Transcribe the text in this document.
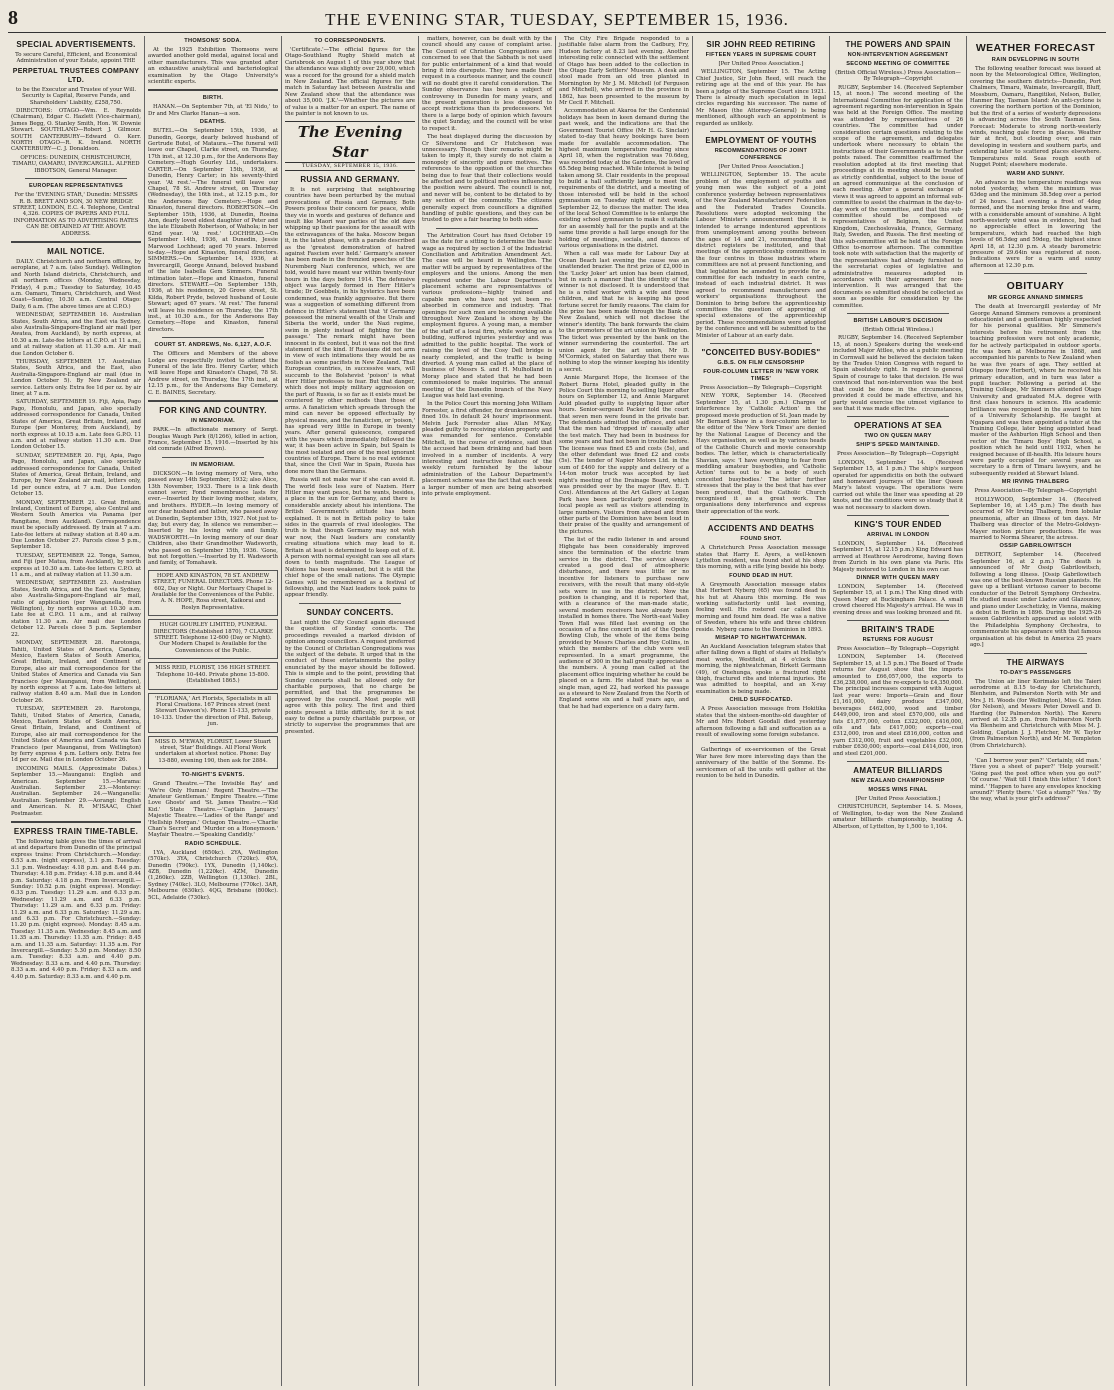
8	THE EVENING STAR, TUESDAY, SEPTEMBER 15, 1936.
SPECIAL ADVERTISEMENTS.

To secure Careful, Efficient, and Economical Administration of your Estate, appoint THE

PERPETUAL TRUSTEES COMPANY LTD.

to be the Executor and Trustee of your Will. Security is Capital, Reserve Funds, and Shareholders' Liability, £258,750.

DIRECTORS: OTAGO—Wm. E. Reynolds (Chairman), Edgar C. Hazlett (Vice-chairman), James Begg, O. Stanley Smith, Hon. W. Downie Stewart. SOUTHLAND—Robert J. Gilmour. SOUTH CANTERBURY—Edward O. Kerr. NORTH OTAGO—R. K. Ireland. NORTH CANTERBURY—C. J. Donaldson.

OFFICES: DUNEDIN, CHRISTCHURCH, TIMARU, OAMARU, INVERCARGILL. ALFRED IBBOTSON, General Manager.

EUROPEAN REPRESENTATIVES

For the 'EVENING STAR,' Dunedin: MESSRS R. B. BRETT AND SON, 30 NEW BRIDGE STREET, LONDON, E.C. 4. Telephone, Central 4,326. COPIES OF PAPERS AND FULL INFORMATION AS TO ADVERTISING RATES CAN BE OBTAINED AT THE ABOVE ADDRESS.

MAIL NOTICE.

DAILY. Christchurch and northern offices, by aeroplane, at 7 a.m. (also Sunday). Wellington and North Island districts, Christchurch, and all northern offices (Monday, Wednesday, Friday), 4 p.m.; Tuesday to Saturday, 10.45 a.m. Oamaru, Timaru, Christchurch, and West Coast—Sunday, 10.30 a.m. Central Otago: Daily, 6 a.m. (The above times are at C.P.O.)

WEDNESDAY, SEPTEMBER 16. Australian States, South Africa, and the East via Sydney, also Australia-Singapore-England air mail (per Awatea, from Auckland), by north express, at 10.30 a.m. Late-fee letters at C.P.O. at 11 a.m., and at railway station at 11.30 a.m. Air mail due London October 6.

THURSDAY, SEPTEMBER 17. Australian States, South Africa, and the East, also Australia-Singapore-England air mail (due in London October 5). By New Zealand air service. Letters only. Extra fee 1d per oz. by air liner, at 7 a.m.

SATURDAY, SEPTEMBER 19. Fiji, Apia, Pago Pago, Honolulu, and Japan, also specially addressed correspondence for Canada, United States of America, Great Britain, Ireland, and Europe (per Monterey, from Auckland), by north express at 10.15 a.m. Late fees G.P.O. 11 a.m. and at railway station 11.30 a.m. Due London October 15.

SUNDAY, SEPTEMBER 20. Fiji, Apia, Pago Pago, Honolulu, and Japan, also specially addressed correspondence for Canada, United States of America, Great Britain, Ireland, and Europe, by New Zealand air mail, letters only, 1d per ounce extra, at 7 a.m. Due London October 15.

MONDAY, SEPTEMBER 21. Great Britain, Ireland, Continent of Europe, also Central and Western South America via Panama (per Rangitane, from Auckland). Correspondence must be specially addressed. By train at 7 a.m. Late-fee letters at railway station at 8.40 a.m. Due London October 27. Parcels close 5 p.m., September 18.

TUESDAY, SEPTEMBER 22. Tonga, Samoa, and Fiji (per Matua, from Auckland), by north express at 10.30 a.m. Late-fee letters C.P.O. at 11 a.m., and at railway station at 11.30 a.m.

WEDNESDAY, SEPTEMBER 23. Australian States, South Africa, and the East via Sydney, also Australia-Singapore-England air mail, ratio of application (per Wanganella, from Wellington), by north express at 10.30 a.m. Late fee at C.P.O. 11 a.m., and at railway station 11.30 a.m. Air mail due London October 12. Parcels close 5 p.m. September 22.

MONDAY, SEPTEMBER 28. Rarotonga, Tahiti, United States of America, Canada, Mexico, Eastern States of South America, Great Britain, Ireland, and Continent of Europe, also air mail correspondence for the United States of America and Canada via San Francisco (per Maunganui, from Wellington), by north express at 7 a.m. Late-fee letters at railway station 8.40 a.m. Mail due in London October 26.

TUESDAY, SEPTEMBER 29. Rarotonga, Tahiti, United States of America, Canada, Mexico, Eastern States of South America, Great Britain, Ireland, and Continent of Europe, also air mail correspondence for the United States of America and Canada via San Francisco (per Maunganui, from Wellington) by ferry express 4 p.m. Letters only. Extra fee 1d per oz. Mail due in London October 26.

INCOMING MAILS. (Approximate Dates.) September 15.—Maunganui: English and American. September 15.—Marama: Australian. September 23.—Monterey: Australian. September 24.—Wanganella: Australian. September 29.—Aorangi: English and American. N. R. M'ISAAC, Chief Postmaster.

EXPRESS TRAIN TIME-TABLE.

The following table gives the times of arrival at and departure from Dunedin of the principal express trains: From Christchurch.—Monday: 6.53 a.m. (night express), 3.1 p.m. Tuesday: 3.1 p.m. Wednesday: 4.18 p.m. and 8.44 p.m. Thursday: 4.18 p.m. Friday: 4.18 p.m. and 8.44 p.m. Saturday: 4.18 p.m. From Invercargill.—Sunday: 10.52 p.m. (night express). Monday: 6.33 p.m. Tuesday: 11.29 a.m. and 6.33 p.m. Wednesday: 11.29 a.m. and 6.33 p.m. Thursday: 11.29 a.m. and 6.33 p.m. Friday: 11.29 a.m. and 6.33 p.m. Saturday: 11.29 a.m. and 6.33 p.m. For Christchurch.—Sunday: 11.20 p.m. (night express). Monday: 8.45 a.m. Tuesday: 11.35 a.m. Wednesday: 8.45 a.m. and 11.35 a.m. Thursday: 11.35 a.m. Friday: 8.45 a.m. and 11.35 a.m. Saturday: 11.35 a.m. For Invercargill.—Sunday: 5.30 p.m. Monday: 8.50 a.m. Tuesday: 8.33 a.m. and 4.40 p.m. Wednesday: 8.33 a.m. and 4.40 p.m. Thursday: 8.33 a.m. and 4.40 p.m. Friday: 8.33 a.m. and 4.40 p.m. Saturday: 8.33 a.m. and 4.40 p.m.

THOMSONS' SODA.

At the 1925 Exhibition Thomsons were awarded another gold medal, against local and other manufacturers. This was granted after an exhaustive analytical and bacteriological examination by the Otago University's scientific experts.

BIRTH.

HANAN.—On September 7th, at 'El Nido,' to Dr and Mrs Clarke Hanan—a son.

DEATHS.

BUTEL.—On September 15th, 1936, at Dunedin, George, dearly beloved husband of Gertrude Butel, of Mataura.—The funeral will leave our Chapel, Clarke street, on Thursday, 17th inst., at 12.30 p.m., for the Andersons Bay Cemetery.—Hugh Gourley Ltd., undertakers. CARTER.—On September 15th, 1936, at Dunedin, Henry Carter; in his seventy-third year. 'At rest.'—The funeral will leave our Chapel, 78 St. Andrew street, on Thursday (Wednesday), the 16th inst., at 12.15 p.m., for the Andersons Bay Cemetery.—Hope and Kinaston, funeral directors. ROBERTSON.—On September 15th, 1936, at Dunedin, Rosina Ann, dearly loved eldest daughter of Peter and the late Elizabeth Robertson, of Waihola; in her 62nd year. 'At rest.' LOCHHEAD.—On September 14th, 1936, at Dunedin, Jessie Marwood Lochhead; aged 70 years. Interred to-day.—Hope and Kinaston, funeral directors. SIMMERS.—On September 14, 1936, at Invercargill, George Annand, beloved husband of the late Isabella Gem Simmers. Funeral intimation later.—Hope and Kinaston, funeral directors. STEWART.—On September 15th, 1936, at his residence, 20 Grove street, St. Kilda, Robert Pryde, beloved husband of Louie Stewart; aged 67 years. 'At rest.' The funeral will leave his residence on Thursday, the 17th inst., at 10.30 a.m., for the Andersons Bay Cemetery.—Hope and Kinaston, funeral directors.

COURT ST. ANDREWS, No. 6,127, A.O.F.

The Officers and Members of the above Lodge are respectfully invited to attend the Funeral of the late Bro. Henry Carter, which will leave Hope and Kinaston's Chapel, 78 St. Andrew street, on Thursday, the 17th inst., at 12.15 p.m., for the Andersons Bay Cemetery. C. E. BAINES, Secretary.

FOR KING AND COUNTRY.
IN MEMORIAM.

PARK.—In affectionate memory of Sergt. Douglas Waugh Park (8/1266), killed in action, France, September 15, 1916.—Inserted by his old comrade (Alfred Brown).

IN MEMORIAM.

DICKSON.—In loving memory of Vera, who passed away 14th September, 1932; also Alice, 13th November, 1933. There is a link death cannot sever; Fond remembrance lasts for ever.—Inserted by their loving mother, sisters, and brothers. RYDER.—In loving memory of our dear husband and father, who passed away at Dunedin, September 15th, 1927. Not just to-day, but every day, In silence we remember.—Inserted by his loving wife and family. WADSWORTH.—In loving memory of our dear Children, also their Grandmother Wadsworth, who passed on September 15th, 1936. 'Gone, but not forgotten.'—Inserted by H. Wadsworth and family, of Tomahawk.

HOPE AND KINASTON, 78 ST. ANDREW STREET, FUNERAL DIRECTORS. Phone 12-602, Day or Night. Our Mortuary Chapel is Available for the Conveniences of the Public. A. N. HOPE, Rosa street, Kaikorai and Roslyn Representative.

HUGH GOURLEY LIMITED, FUNERAL DIRECTORS (Established 1870), 7 CLARKE STREET. Telephone 12-600 (Day or Night). Our Modern Chapel is Available for the Conveniences of the Public.

MISS REID, FLORIST, 156 HIGH STREET. Telephone 10-440. Private phone 15-800. (Established 1865.)

'FLORIANA,' Art Florists, Specialists in all Floral Creations. 167 Princes street (next Stewart Dawson's). Phone 11-133, private 10-133. Under the direction of Phil. Bateup, jun.

MISS D. M'EWAN, FLORIST, Lower Stuart street, 'Star' Buildings. All Floral Work undertaken at shortest notice. Phone: Day 13-880, evening 190, then ask for 2884.

TO-NIGHT'S EVENTS.

Grand Theatre.—'The Invisible Ray' and 'We're Only Human.' Regent Theatre.—'The Amateur Gentleman.' Empire Theatre.—'Time Love Ghosts' and 'St. James Theatre.—'Kid Kid.' State Theatre.—'Captain January.' Majestic Theatre.—'Ladies of the Range' and 'Hellship Morgan.' Octagon Theatre.—'Charlie Chan's Secret' and 'Murder on a Honeymoon.' Mayfair Theatre.—'Speaking Candidly.'

RADIO SCHEDULE.

1YA, Auckland (650kc). 2YA, Wellington (570kc). 3YA, Christchurch (720kc). 4YA, Dunedin (790kc). 1YX, Dunedin (1,140kc). 4ZB, Dunedin (1,220kc). 4ZM, Dunedin (1,260kc). 2ZB, Wellington (1,130kc). 2BL, Sydney (740kc). 3LO, Melbourne (770kc). 3AR, Melbourne (630kc). 4QG, Brisbane (800kc). 5CL, Adelaide (730kc).

TO CORRESPONDENTS.

'Certificate.'—The official figures for the Otago-Southland Rugby Shield match at Carisbrook on August 1 of this year show that the attendance was slightly over 29,000, which was a record for the ground for a shield match in New Zealand. The official figures for the match in Saturday last between Australia and New Zealand show that the attendance was about 35,000. 'J.K.'—Whether the pictures are of value is a matter for an expert. The name of the painter is not known to us.

The Evening Star
TUESDAY, SEPTEMBER 15, 1936.
RUSSIA AND GERMANY.

It is not surprising that neighbouring countries have been perturbed by the mutual provocations of Russia and Germany. Both Powers profess their concern for peace, while they vie in words and gestures of defiance and insult like Maori war parties of the old days whipping up their passions for the assault with the extravagances of the haka. Moscow began it, in the latest phase, with a parade described as the 'greatest demonstration of hatred against Fascism ever held.' Germany's answer has been made in the frenzied speeches of the Nuremberg Nazi conference, which, we are told, would have meant war within twenty-four hours in the days before 1914. The defensive object was largely formed in Herr Hitler's tirade; Dr Goebbels, in his hysterics have been condemned, was frankly aggressive. But there was a suggestion of something different from defence in Hitler's statement that 'if Germany possessed the mineral wealth of the Urals and Siberia the world, under the Nazi regime, swim in plenty instead of fighting for the passage.' The remark might have been innocent in its context, but it was not the first statement of the kind. If Russians did not arm in view of such intimations they would be as foolish as some pacifists in New Zealand. That European countries, in successive wars, will succumb to the Bolshevist 'poison' is what Herr Hitler professes to fear. But that danger, which does not imply military aggression on the part of Russia, is so far as it exists must be countered by other methods than those of arms. A fanaticism which spreads through the mind can never be opposed effectually by physical means, and the fanaticism, or 'poison,' has spread very little in Europe in twenty years. After general quiescence, compared with the years which immediately followed the war, it has been active in Spain, but Spain is the most isolated and one of the most ignorant countries of Europe. There is no real evidence that, since the Civil War in Spain, Russia has done more than the Germans.

Russia will not make war if she can avoid it. The world feels less sure of Nazism. Herr Hitler may want peace, but he wants, besides, a place in the sun for Germany, and there is considerable anxiety about his intentions. The British Government's attitude has been explained. It is not in British policy to take sides in the quarrels of rival ideologies. The truth is that though Germany may not wish war now, the Nazi leaders are constantly creating situations which may lead to it. Britain at least is determined to keep out of it. A person with normal eyesight can see all stars down to tenth magnitude. The League of Nations has been weakened, but it is still the chief hope of the small nations. The Olympic Games will be remembered as a festival of fellowship, and the Nazi leaders took pains to appear friendly.

SUNDAY CONCERTS.

Last night the City Council again discussed the question of Sunday concerts. The proceedings revealed a marked division of opinion among councillors. A request preferred by the Council of Christian Congregations was the subject of the debate. It urged that in the conduct of these entertainments the policy enunciated by the mayor should be followed. This is simple and to the point, providing that Sunday concerts shall be allowed only for charitable purposes, that no charge be permitted, and that the programmes be approved by the council. Most people will agree with this policy. The first and third points present a little difficulty, for it is not easy to define a purely charitable purpose, or strictly to supervise the programmes that are presented.

matters, however, can be dealt with by the council should any cause of complaint arise. The Council of Christian Congregations are concerned to see that the Sabbath is not used for public entertainment of a kind that would bring it into disrepute. They have made their request in a courteous manner, and the council will no doubt give it careful consideration. The Sunday observance has been a subject of controversy in Dunedin for many years, and the present generation is less disposed to accept restrictions than its predecessors. Yet there is a large body of opinion which favours the quiet Sunday, and the council will be wise to respect it.

The heat displayed during the discussion by Cr Silverstone and Cr Hutcheson was unnecessary. Though their remarks might be taken to imply it, they surely do not claim a monopoly of sincerity and pure motives. The references to the opposition of the churches being due to fear that their collections would be affected and to political motives influencing the position were absurd. The council is not, and never will be, content to be dictated to by any section of the community. The citizens generally expect from councillors a dignified handling of public questions, and they can be trusted to give a fair hearing to both sides.

The Arbitration Court has fixed October 19 as the date for a sitting to determine the basic wage as required by section 3 of the Industrial Conciliation and Arbitration Amendment Act. The case will be heard in Wellington. The matter will be argued by representatives of the employers and the unions. Among the men registered under the Labour Department's placement scheme are representatives of various professions—highly trained and capable men who have not yet been re-absorbed in commerce and industry. That openings for such men are becoming available throughout New Zealand is shown by the employment figures. A young man, a member of the staff of a local firm, while working on a building, suffered injuries yesterday and was admitted to the public hospital. The work of raising the level of the Cosy Dell bridge is nearly completed, and the traffic is being diverted. A young man called at the place of business of Messrs S. and H. Mulholland in Moray place and stated that he had been commissioned to make inquiries. The annual meeting of the Dunedin branch of the Navy League was held last evening.

In the Police Court this morning John William Forrester, a first offender, for drunkenness was fined 10s. In default 24 hours' imprisonment. Melvin Jack Forrester alias Allan M'Kay, pleaded guilty to receiving stolen property and was remanded for sentence. Constable Mitchell, in the course of evidence, said that the accused had been drinking and had been involved in a number of incidents. A very interesting and instructive feature of the weekly return furnished by the labour administration of the Labour Department's placement scheme was the fact that each week a larger number of men are being absorbed into private employment.

The City Fire Brigade responded to a justifiable false alarm from the Cadbury, Fry, Hudson factory at 8.23 last evening. Another interesting relic connected with the settlement of Otago has been added to the collection in the Otago Early Settlers' Museum. A desk and stool made from an old tree planted in Mornington by Mr J. M. Mitchell (of Ferguson and Mitchell), who arrived in the province in 1862, has been presented to the museum by Mr Cecil F. Mitchell.

Accommodation at Akaroa for the Centennial holidays has been in keen demand during the past week, and the indications are that the Government Tourist Office (Mr H. G. Sinclair) stated to-day that heavy bookings have been made for available accommodation. The highest maximum temperature reading since April 18, when the registration was 70.6deg, was recorded today at the Gardens, the level of 65.5deg being reached. While interest is being taken among St. Clair residents in the proposal to build a hall sufficiently large to meet the requirements of the district, and a meeting of those interested will be held in the school gymnasium on Tuesday night of next week, September 22, to discuss the matter. The idea of the local School Committee is to enlarge the existing school gymnasium to make it suitable for an assembly hall for the pupils and at the same time provide a hall large enough for the holding of meetings, socials, and dances of various organisations in the district.

When a call was made for Labour Day at Ocean Beach last evening the cause was an unattended brazier. The first prize of £2,000 in the 'Lucky Joker' art union has been claimed, but in such a manner that the identity of the winner is not disclosed. It is understood that he is a relief worker with a wife and three children, and that he is keeping his good fortune secret for family reasons. The claim for the prize has been made through the Bank of New Zealand, which will not disclose the winner's identity. The bank forwards the claim to the promoters of the art union in Wellington. The ticket was presented by the bank on the winner surrendering the counterfoil. The art union agent for the art union, Mr D. M'Cormick, stated on Saturday that there was nothing to stop the winner keeping his identity a secret.

Annie Margaret Hope, the licensee of the Robert Burns Hotel, pleaded guilty in the Police Court this morning to selling liquor after hours on September 12, and Annie Margaret Auld pleaded guilty to supplying liquor after hours. Senior-sergeant Packer told the court that seven men were found in the private bar. The defendants admitted the offence, and said that the men had 'dropped in' casually after the test match. They had been in business for some years and had not been in trouble before. The licensee was fined £5 and costs (5s), and the other defendant was fined £2 and costs (5s). The tender of Napier Motors Ltd. in the sum of £460 for the supply and delivery of a 14-ton motor truck was accepted by last night's meeting of the Drainage Board, which was presided over by the mayor (Rev. E. T. Cox). Attendances at the Art Gallery at Logan Park have been particularly good recently, local people as well as visitors attending in large numbers. Visitors from abroad and from other parts of the Dominion have been loud in their praise of the quality and arrangement of the pictures.

The list of the radio listener in and around Highgate has been considerably improved since the termination of the electric tram service in the district. The service always created a good deal of atmospheric disturbance, and there was little or no incentive for listeners to purchase new receivers, with the result that many old-style sets were in use in the district. Now the position is changing, and it is reported that, with a clearance of the man-made static, several modern receivers have already been installed in homes there. The North-east Valley Town Hall was filled last evening on the occasion of a fine concert in aid of the Opoho Bowling Club, the whole of the items being provided by Messrs Charles and Roy Collins, in which the members of the club were well represented. In a smart programme, the audience of 300 in the hall greatly appreciated the numbers. A young man called at the placement office inquiring whether he could be placed on a farm. He stated that he was a single man, aged 22, had worked his passage as a steward to New Zealand from the North of England some six and a half years ago, and that he had had experience on a dairy farm.

SIR JOHN REED RETIRING
FIFTEEN YEARS IN SUPREME COURT

[Per United Press Association.]

WELLINGTON, September 15. The Acting Chief Justice, Sir John Reed, will reach the retiring age at the end of this year. He has been a judge of the Supreme Court since 1921. There is already much speculation in legal circles regarding his successor. The name of Mr Mason (the Attorney-General) is being mentioned, although such an appointment is regarded as unlikely.

EMPLOYMENT OF YOUTHS
RECOMMENDATIONS OF JOINT CONFERENCE

[Per United Press Association.]

WELLINGTON, September 15. The acute problem of the employment of youths and young men was the subject of a joint conference yesterday between representatives of the New Zealand Manufacturers' Federation and the Federated Trades Councils. Resolutions were adopted welcoming the Labour Minister's announcement that it is intended to arrange indentured apprentices from unemployment among youths between the ages of 14 and 21, recommending that district registers be instituted, and that meetings of the apprenticeship committees in the four centres in those industries where committees are not at present functioning, and that legislation be amended to provide for a committee for each industry in each centre, instead of each industrial district. It was agreed to recommend manufacturers and workers' organisations throughout the Dominion to bring before the apprenticeship committees the question of approving of special extensions of the apprenticeship period. These recommendations were adopted by the conference and will be submitted to the Minister of Labour at an early date.

"CONCEITED BUSY-BODIES"
G.B.S. ON FILM CENSORSHIP
FOUR-COLUMN LETTER IN 'NEW YORK TIMES'

Press Association—By Telegraph—Copyright

NEW YORK, September 14. (Received September 15, at 1.30 p.m.) Charges of interference by 'Catholic Action' in the proposed movie production of St. Joan made by Mr Bernard Shaw in a four-column letter to the editor of the 'New York Times' are denied by the National League of Decency and the Hays organisation, as well as by various heads of the Catholic Church and movie censorship bodies. The letter, which is characteristically Shavian, says: 'I have everything to fear from meddling amateur busybodies, and 'Catholic Action' turns out to be a body of such conceited busybodies.' The letter further stresses that the play is the best that has ever been produced, that the Catholic Church recognised it as a great work. The organisations deny interference and express their appreciation of the work.

ACCIDENTS AND DEATHS
FOUND SHOT.

A Christchurch Press Association message states that Harry E. Ayers, a well-known Lyttelton resident, was found shot at his shop this morning, with a rifle lying beside his body.

FOUND DEAD IN HUT.

A Greymouth Association message states that Herbert Nyberg (65) was found dead in his hut at Ahaura this morning. He was working satisfactorily until last evening, feeling well. His rostered car called this morning and found him dead. He was a native of Sweden, where his wife and three children reside. Nyberg came to the Dominion in 1893.

MISHAP TO NIGHTWATCHMAN.

An Auckland Association telegram states that after falling down a flight of stairs at Hellaby's meat works, Westfield, at 4 o'clock this morning, the nightwatchman, Birkett Germann (49), of Onehunga, spoke a fractured right thigh, fractured ribs and internal injuries. He was admitted to hospital, and an X-ray examination is being made.

CHILD SUFFOCATED.

A Press Association message from Hokitika states that the sixteen-months-old daughter of Mr and Mrs Robert Goodall died yesterday afternoon following a fall and suffocation as a result of swallowing some foreign substance.

Gatherings of ex-servicemen of the Great War have few more interesting days than the anniversary of the battle of the Somme. Ex-servicemen of all the units will gather at the reunion to be held in Dunedin.

THE POWERS AND SPAIN
NON-INTERVENTION AGREEMENT
SECOND MEETING OF COMMITTEE

(British Official Wireless.) Press Association—By Telegraph—Copyright

RUGBY, September 14. (Received September 15, at noon.) The second meeting of the International Committee for application of the agreement regarding non-intervention in Spain was held at the Foreign Office. The meeting was attended by representatives of 26 countries. The committee had under consideration certain questions relating to the scope of the agreement, and delegates undertook where necessary to obtain the instructions of their Governments as to further points raised. The committee reaffirmed the resolution adopted at its first meeting that proceedings at its meeting should be treated as strictly confidential, subject to the issue of an agreed communique at the conclusion of each meeting. After a general exchange of views it was agreed to appoint an informal sub-committee to assist the chairman in the day-to-day work of the committee, and that this sub-committee should be composed of representatives of Belgium, the United Kingdom, Czechoslovakia, France, Germany, Italy, Sweden, and Russia. The first meeting of this sub-committee will be held at the Foreign Office to-morrow afternoon. The committee took note with satisfaction that the majority of the representatives had already furnished to the secretariat copies of legislative and administrative measures adopted in accordance with their agreement for non-intervention. It was arranged that the documents so submitted should be collected as soon as possible for consideration by the committee.

BRITISH LABOUR'S DECISION

(British Official Wireless.)

RUGBY, September 14. (Received September 15, at noon.) Speakers during the week-end included Major Attlee, who at a public meeting in Cornwall said he believed the decision taken by the Trades Union Congress with regard to Spain absolutely right. In regard to general Spain of courage to take that decision. He was convinced that non-intervention was the best that could be done in the circumstances, provided it could be made effective, and his party would exercise the utmost vigilance to see that it was made effective.

OPERATIONS AT SEA
TWO ON QUEEN MARY
SHIP'S SPEED MAINTAINED.

Press Association—By Telegraph—Copyright

LONDON, September 14. (Received September 15, at 1 p.m.) The ship's surgeon operated for appendicitis on both the outward and homeward journeys of the liner Queen Mary's latest voyage. The operations were carried out while the liner was speeding at 29 knots, and the conditions were so steady that it was not necessary to slacken down.

KING'S TOUR ENDED
ARRIVAL IN LONDON

LONDON, September 14. (Received September 15, at 12.15 p.m.) King Edward has arrived at Heathrow Aerodrome, having flown from Zurich in his own plane via Paris. His Majesty motored to London in his own car.

DINNER WITH QUEEN MARY

LONDON, September 14. (Received September 15, at 1 p.m.) The King dined with Queen Mary at Buckingham Palace. A small crowd cheered His Majesty's arrival. He was in evening dress and was looking bronzed and fit.

BRITAIN'S TRADE
RETURNS FOR AUGUST

Press Association—By Telegraph—Copyright

LONDON, September 14. (Received September 15, at 1.5 p.m.) The Board of Trade returns for August show that the imports amounted to £66,057,000, the exports to £36,238,000, and the re-exports to £4,350,000. The principal increases compared with August last year were: Imports—Grain and flour £1,161,000, dairy produce £347,000, beverages £462,000, wood and timber £449,000, iron and steel £570,000, oils and fats £1,877,000, cotton £322,000, £416,000, oils and fats £417,000; exports—coal £312,000, iron and steel £816,000, cotton and yarn £312,000, fruit and vegetables £32,000, rubber £630,000; exports—coal £414,000, iron and steel £201,000.

AMATEUR BILLIARDS
NEW ZEALAND CHAMPIONSHIP
MOSES WINS FINAL

[Per United Press Association.]

CHRISTCHURCH, September 14. S. Moses, of Wellington, to-day won the New Zealand amateur billiards championship, beating A. Albertson, of Lyttelton, by 1,500 to 1,104.

WEATHER FORECAST
RAIN DEVELOPING IN SOUTH

The following weather forecast was issued at noon by the Meteorological Office, Wellington, covering the southern districts—Dunedin, Port Chalmers, Timaru, Waimate, Invercargill, Bluff, Mossburn, Oamaru, Rangitikei, Nelson, Buller, Hanmer Bay, Tasman Island: An anti-cyclone is covering the northern portion of the Dominion, but the first of a series of westerly depressions is advancing across the South Tasman Sea. Forecast: Moderate to strong north-westerly winds, reaching gale force in places. Weather fair at first, but clouding over, and rain developing in western and southern parts, and extending later to scattered places elsewhere. Temperatures mild. Seas rough south of Nugget Point; elsewhere moderate.

WARM AND SUNNY.

An advance in the temperature readings was noted yesterday, when the maximum was 63deg and the minimum 38.5deg over a period of 24 hours. Last evening a frost of 4deg formed, and the morning broke fine and warm, with a considerable amount of sunshine. A light north-westerly wind was in evidence, but had no appreciable effect in lowering the temperature, which had reached the high levels of 66.5deg and 59deg, the highest since April 18, at 12.30 p.m. A steady barometric pressure of 29.64in was registered at noon. Indications were for a warm and sunny afternoon at 12.30 p.m.

OBITUARY
MR GEORGE ANNAND SIMMERS

The death at Invercargill yesterday of Mr George Annand Simmers removes a prominent educationist and a gentleman highly respected for his personal qualities. Mr Simmers's interests before his retirement from the teaching profession were not only academic, for he actively participated in outdoor sports. He was born at Melbourne in 1868, and accompanied his parents to New Zealand when he was five years of age. They settled at Otepopo (now Herbert), where he received his primary education, and in turn was later a pupil teacher. Following a period at the Training College, Mr Simmers attended Otago University and graduated M.A. degree with first class honours in science. His academic brilliance was recognised in the award to him of a University Scholarship. He taught at Ngapara and was then appointed a tutor at the Training College, later being appointed head master of the Ashburton High School and then rector of the Timaru Boys' High School, a position which he held until 1932, when he resigned because of ill-health. His leisure hours were partly occupied for several years as secretary to a firm of Timaru lawyers, and he subsequently resided at Stewart Island.

MR IRVING THALBERG

Press Association—By Telegraph—Copyright

HOLLYWOOD, September 14. (Received September 16, at 1.45 p.m.) The death has occurred of Mr Irving Thalberg, from lobular pneumonia, after an illness of ten days. Mr Thalberg was director of the Metro-Goldwyn-Mayer motion picture productions. He was married to Norma Shearer, the actress.

OSSIP GABRILOWITSCH

DETROIT, September 14. (Received September 16, at 2 p.m.) The death is announced of Mr Ossip Gabrilowitsch, following a long illness. [Ossip Gabrilowitsch was one of the best-known Russian pianists. He gave up a brilliant virtuoso career to become conductor of the Detroit Symphony Orchestra. He studied music under Liadov and Glazounov, and piano under Leschetizky, in Vienna, making a debut in Berlin in 1896. During the 1925-26 season Gabrilowitsch appeared as soloist with the Philadelphia Symphony Orchestra, to commemorate his appearance with that famous organisation at his debut in America 25 years ago.]

THE AIRWAYS
TO-DAY'S PASSENGERS

The Union air liner Korimako left the Taieri aerodrome at 8.15 to-day for Christchurch, Blenheim, and Palmerston North with Mr and Mrs J. H. Woods (for Wellington), Miss G. Eden (for Nelson), and Messrs Peter Dowell and D. Harding (for Palmerston North). The Kereru arrived at 12.35 p.m. from Palmerston North via Blenheim and Christchurch with Miss M. J. Golding, Captain J. J. Fletcher, Mr W. Taylor (from Palmerston North), and Mr M. Templeton (from Christchurch).

'Can I borrow your pen?' 'Certainly, old man.' 'Have you a sheet of paper?' 'Help yourself.' 'Going past the post office when you go out?' 'Of course.' 'Wait till I finish this letter.' 'I don't mind.' 'Happen to have any envelopes knocking around?' 'Plenty there.' 'Got a stamp?' 'Yes.' 'By the way, what is your girl's address?'
